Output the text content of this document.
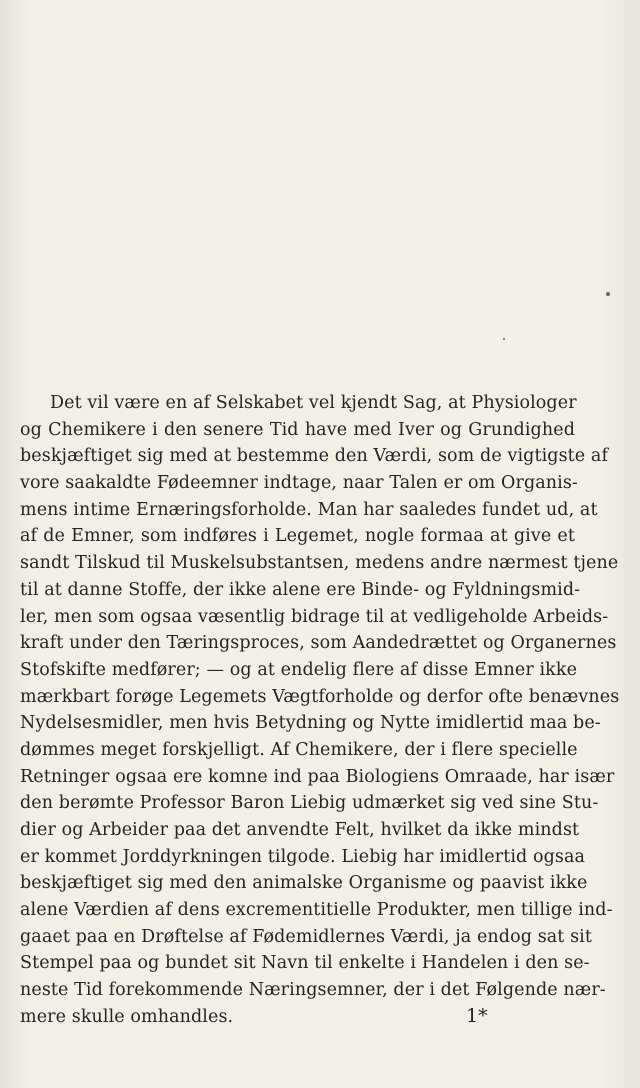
Det vil være en af Selskabet vel kjendt Sag, at Physiologer
og Chemikere i den senere Tid have med Iver og Grundighed
beskjæftiget sig med at bestemme den Værdi, som de vigtigste af
vore saakaldte Fødeemner indtage, naar Talen er om Organis-
mens intime Ernæringsforholde. Man har saaledes fundet ud, at
af de Emner, som indføres i Legemet, nogle formaa at give et
sandt Tilskud til Muskelsubstantsen, medens andre nærmest tjene
til at danne Stoffe, der ikke alene ere Binde- og Fyldningsmid-
ler, men som ogsaa væsentlig bidrage til at vedligeholde Arbeids-
kraft under den Tæringsproces, som Aandedrættet og Organernes
Stofskifte medfører; — og at endelig flere af disse Emner ikke
mærkbart forøge Legemets Vægtforholde og derfor ofte benævnes
Nydelsesmidler, men hvis Betydning og Nytte imidlertid maa be-
dømmes meget forskjelligt. Af Chemikere, der i flere specielle
Retninger ogsaa ere komne ind paa Biologiens Omraade, har især
den berømte Professor Baron Liebig udmærket sig ved sine Stu-
dier og Arbeider paa det anvendte Felt, hvilket da ikke mindst
er kommet Jorddyrkningen tilgode. Liebig har imidlertid ogsaa
beskjæftiget sig med den animalske Organisme og paavist ikke
alene Værdien af dens excrementitielle Produkter, men tillige ind-
gaaet paa en Drøftelse af Fødemidlernes Værdi, ja endog sat sit
Stempel paa og bundet sit Navn til enkelte i Handelen i den se-
neste Tid forekommende Næringsemner, der i det Følgende nær-
mere skulle omhandles.	1*
